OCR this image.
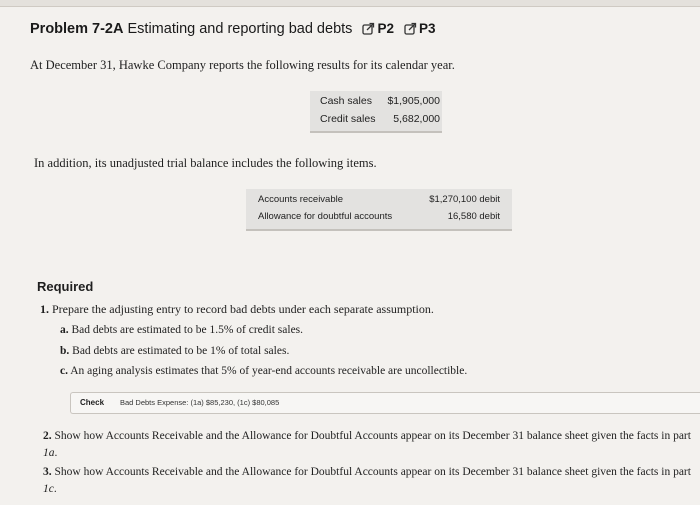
Problem 7-2A Estimating and reporting bad debts P2 P3
At December 31, Hawke Company reports the following results for its calendar year.
Cash sales $1,905,000
Credit sales 5,682,000
In addition, its unadjusted trial balance includes the following items.
Accounts receivable	$1,270,100 debit
Allowance for doubtful accounts	16,580 debit
Required
1. Prepare the adjusting entry to record bad debts under each separate assumption.
a. Bad debts are estimated to be 1.5% of credit sales.
b. Bad debts are estimated to be 1% of total sales.
c. An aging analysis estimates that 5% of year-end accounts receivable are uncollectible.
Check Bad Debts Expense: (1a) $85,230, (1c) $80,085
2. Show how Accounts Receivable and the Allowance for Doubtful Accounts appear on its December 31 balance sheet given the facts in part 1a.
3. Show how Accounts Receivable and the Allowance for Doubtful Accounts appear on its December 31 balance sheet given the facts in part 1c.
